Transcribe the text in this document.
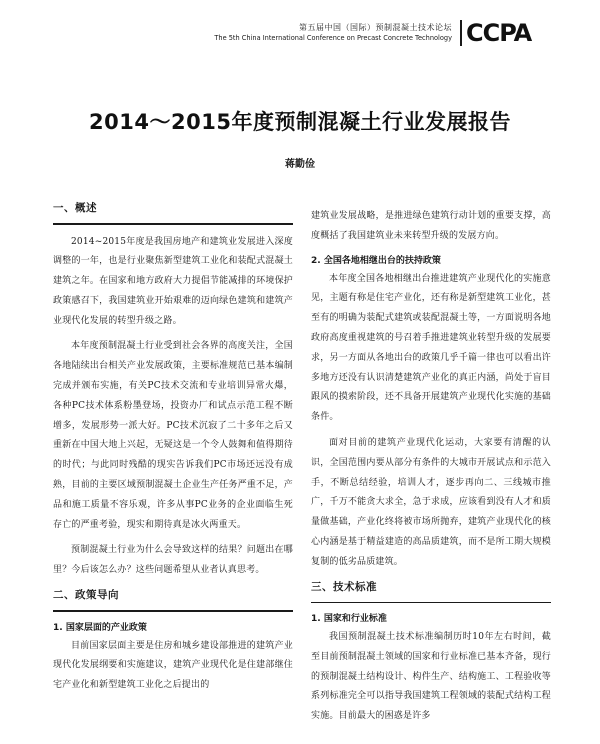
第五届中国（国际）预制混凝土技术论坛
The 5th China International Conference on Precast Concrete Technology CCPA
2014～2015年度预制混凝土行业发展报告
蒋勤俭
一、概述

2014~2015年度是我国房地产和建筑业发展进入深度调整的一年，也是行业聚焦新型建筑工业化和装配式混凝土建筑之年。在国家和地方政府大力提倡节能减排的环境保护政策感召下，我国建筑业开始艰难的迈向绿色建筑和建筑产业现代化发展的转型升级之路。

本年度预制混凝土行业受到社会各界的高度关注，全国各地陆续出台相关产业发展政策，主要标准规范已基本编制完成并颁布实施，有关PC技术交流和专业培训异常火爆，各种PC技术体系粉墨登场，投资办厂和试点示范工程不断增多，发展形势一派大好。PC技术沉寂了二十多年之后又重新在中国大地上兴起，无疑这是一个令人鼓舞和值得期待的时代；与此同时残酷的现实告诉我们PC市场还远没有成熟，目前的主要区域预制混凝土企业生产任务严重不足，产品和施工质量不容乐观，许多从事PC业务的企业面临生死存亡的严重考验，现实和期待真是冰火两重天。

预制混凝土行业为什么会导致这样的结果？问题出在哪里？今后该怎么办？这些问题希望从业者认真思考。

二、政策导向
1. 国家层面的产业政策

目前国家层面主要是住房和城乡建设部推进的建筑产业现代化发展纲要和实施建议，建筑产业现代化是住建部继住宅产业化和新型建筑工业化之后提出的

建筑业发展战略，是推进绿色建筑行动计划的重要支撑，高度概括了我国建筑业未来转型升级的发展方向。

2. 全国各地相继出台的扶持政策

本年度全国各地相继出台推进建筑产业现代化的实施意见，主题有称是住宅产业化，还有称是新型建筑工业化，甚至有的明确为装配式建筑或装配混凝土等，一方面说明各地政府高度重视建筑的号召着手推进建筑业转型升级的发展要求，另一方面从各地出台的政策几乎千篇一律也可以看出许多地方还没有认识清楚建筑产业化的真正内涵，尚处于盲目跟风的摸索阶段，还不具备开展建筑产业现代化实施的基础条件。

面对目前的建筑产业现代化运动，大家要有清醒的认识，全国范围内要从部分有条件的大城市开展试点和示范入手，不断总结经验，培训人才，逐步再向二、三线城市推广，千万不能贪大求全，急于求成，应该看到没有人才和质量做基础，产业化终将被市场所抛弃，建筑产业现代化的核心内涵是基于精益建造的高品质建筑，而不是所工期大规模复制的低劣品质建筑。

三、技术标准
1. 国家和行业标准

我国预制混凝土技术标准编制历时10年左右时间，截至目前预制混凝土领域的国家和行业标准已基本齐备，现行的预制混凝土结构设计、构件生产、结构施工、工程验收等系列标准完全可以指导我国建筑工程领域的装配式结构工程实施。目前最大的困惑是许多
